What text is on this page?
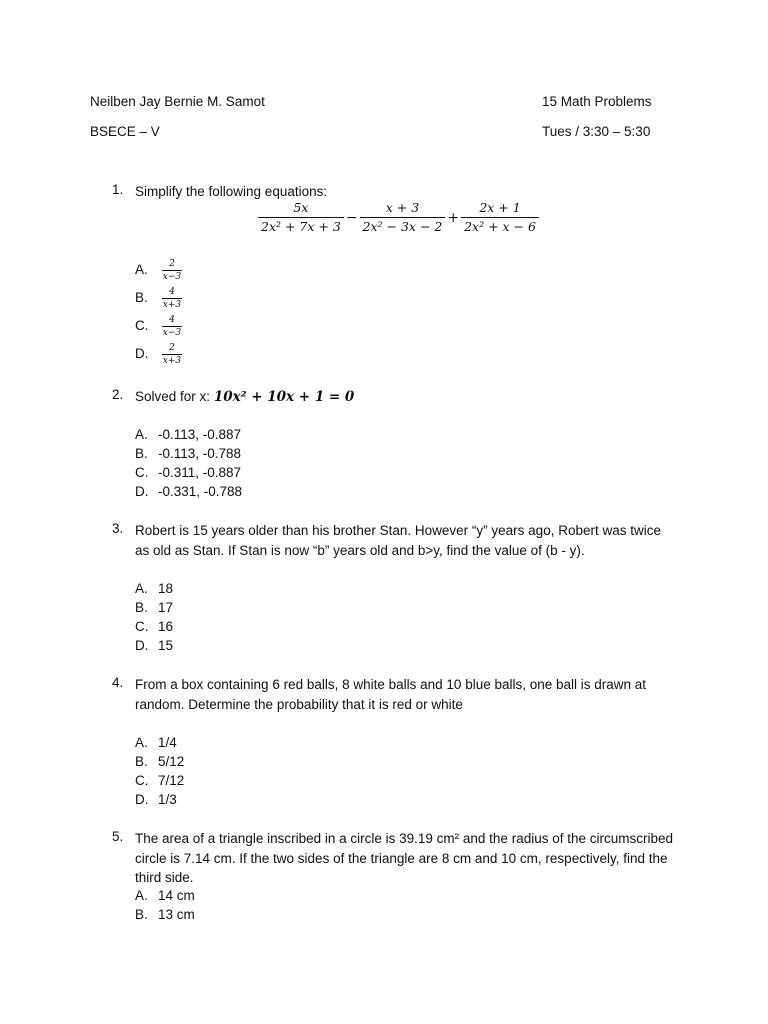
Neilben Jay Bernie M. Samot
BSECE – V
15 Math Problems
Tues / 3:30 – 5:30
1. Simplify the following equations:
$\frac{5x}{\text{2x² + 7x + 3}} - \frac{x + 3}{\text{2x² − 3x − 2}} + \frac{2x + 1}{\text{2x² + x − 6}}$
A. $\frac{2}{x-3}$
B. $\frac{4}{x+3}$
C. $\frac{4}{x-3}$
D. $\frac{2}{x+3}$
2. Solved for x: 10x² + 10x + 1 = 0
A. -0.113, -0.887
B. -0.113, -0.788
C. -0.311, -0.887
D. -0.331, -0.788
3. Robert is 15 years older than his brother Stan. However “y” years ago, Robert was twice as old as Stan. If Stan is now “b” years old and b>y, find the value of (b - y).
A. 18
B. 17
C. 16
D. 15
4. From a box containing 6 red balls, 8 white balls and 10 blue balls, one ball is drawn at random. Determine the probability that it is red or white
A. 1/4
B. 5/12
C. 7/12
D. 1/3
5. The area of a triangle inscribed in a circle is 39.19 cm² and the radius of the circumscribed circle is 7.14 cm. If the two sides of the triangle are 8 cm and 10 cm, respectively, find the third side.
A. 14 cm
B. 13 cm
